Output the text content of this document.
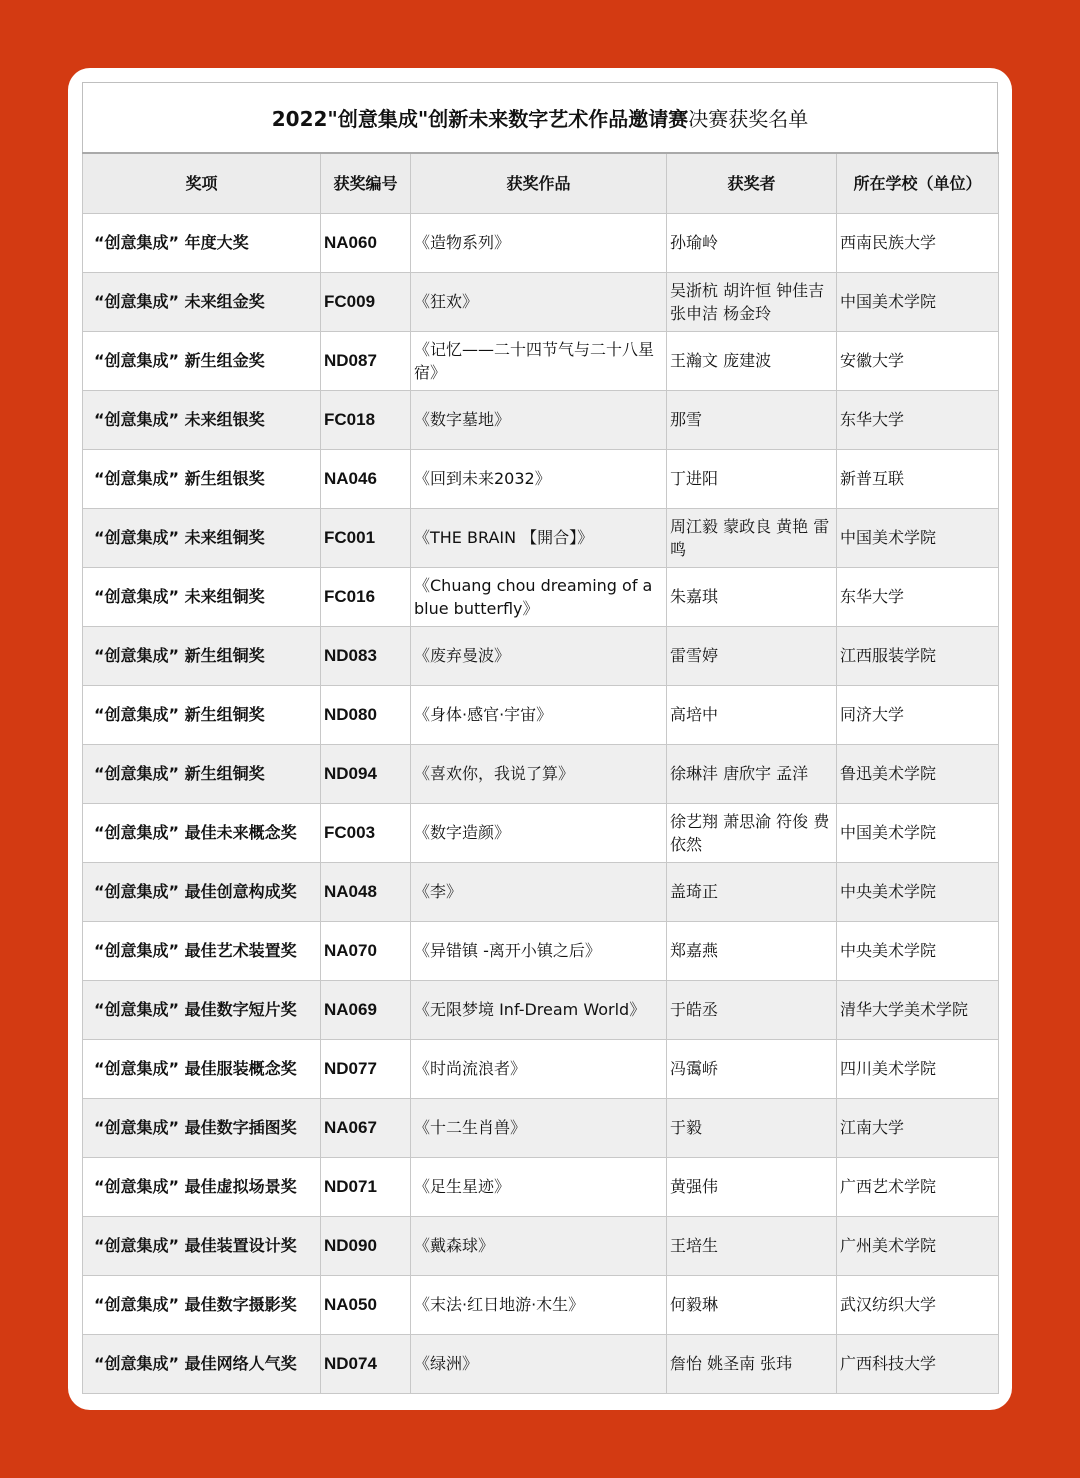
2022"创意集成"创新未来数字艺术作品邀请赛 决赛获奖名单
奖项	获奖编号	获奖作品	获奖者	所在学校（单位）
“创意集成” 年度大奖	NA060	《造物系列》	孙瑜岭	西南民族大学
“创意集成” 未来组金奖	FC009	《狂欢》	吴浙杭 胡许恒 钟佳吉 张申洁 杨金玲	中国美术学院
“创意集成” 新生组金奖	ND087	《记忆——二十四节气与二十八星宿》	王瀚文 庞建波	安徽大学
“创意集成” 未来组银奖	FC018	《数字墓地》	那雪	东华大学
“创意集成” 新生组银奖	NA046	《回到未来2032》	丁进阳	新普互联
“创意集成” 未来组铜奖	FC001	《THE BRAIN 【開合】》	周江毅 蒙政良 黄艳 雷鸣	中国美术学院
“创意集成” 未来组铜奖	FC016	《Chuang chou dreaming of a blue butterfly》	朱嘉琪	东华大学
“创意集成” 新生组铜奖	ND083	《废弃曼波》	雷雪婷	江西服装学院
“创意集成” 新生组铜奖	ND080	《身体·感官·宇宙》	高培中	同济大学
“创意集成” 新生组铜奖	ND094	《喜欢你，我说了算》	徐琳沣 唐欣宇 孟洋	鲁迅美术学院
“创意集成” 最佳未来概念奖	FC003	《数字造颜》	徐艺翔 萧思渝 符俊 费依然	中国美术学院
“创意集成” 最佳创意构成奖	NA048	《李》	盖琦正	中央美术学院
“创意集成” 最佳艺术装置奖	NA070	《异错镇 -离开小镇之后》	郑嘉燕	中央美术学院
“创意集成” 最佳数字短片奖	NA069	《无限梦境 Inf-Dream World》	于皓丞	清华大学美术学院
“创意集成” 最佳服装概念奖	ND077	《时尚流浪者》	冯霭峤	四川美术学院
“创意集成” 最佳数字插图奖	NA067	《十二生肖兽》	于毅	江南大学
“创意集成” 最佳虚拟场景奖	ND071	《足生星迹》	黄强伟	广西艺术学院
“创意集成” 最佳装置设计奖	ND090	《戴森球》	王培生	广州美术学院
“创意集成” 最佳数字摄影奖	NA050	《末法·红日地游·木生》	何毅琳	武汉纺织大学
“创意集成” 最佳网络人气奖	ND074	《绿洲》	詹怡 姚圣南 张玮	广西科技大学
